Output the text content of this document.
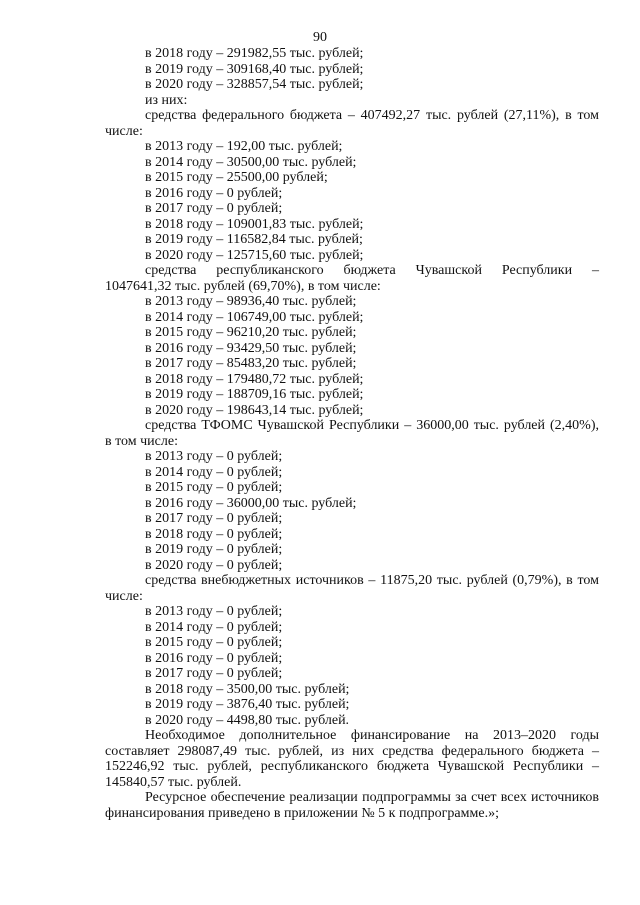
90
в 2018 году – 291982,55 тыс. рублей;
в 2019 году – 309168,40 тыс. рублей;
в 2020 году – 328857,54 тыс. рублей;
из них:
средства федерального бюджета – 407492,27 тыс. рублей (27,11%), в том
числе:
в 2013 году – 192,00 тыс. рублей;
в 2014 году – 30500,00 тыс. рублей;
в 2015 году – 25500,00 рублей;
в 2016 году – 0 рублей;
в 2017 году – 0 рублей;
в 2018 году – 109001,83 тыс. рублей;
в 2019 году – 116582,84 тыс. рублей;
в 2020 году – 125715,60 тыс. рублей;
средства республиканского бюджета Чувашской Республики –
1047641,32 тыс. рублей (69,70%), в том числе:
в 2013 году – 98936,40 тыс. рублей;
в 2014 году – 106749,00 тыс. рублей;
в 2015 году – 96210,20 тыс. рублей;
в 2016 году – 93429,50 тыс. рублей;
в 2017 году – 85483,20 тыс. рублей;
в 2018 году – 179480,72 тыс. рублей;
в 2019 году – 188709,16 тыс. рублей;
в 2020 году – 198643,14 тыс. рублей;
средства ТФОМС Чувашской Республики – 36000,00 тыс. рублей (2,40%),
в том числе:
в 2013 году – 0 рублей;
в 2014 году – 0 рублей;
в 2015 году – 0 рублей;
в 2016 году – 36000,00 тыс. рублей;
в 2017 году – 0 рублей;
в 2018 году – 0 рублей;
в 2019 году – 0 рублей;
в 2020 году – 0 рублей;
средства внебюджетных источников – 11875,20 тыс. рублей (0,79%), в том
числе:
в 2013 году – 0 рублей;
в 2014 году – 0 рублей;
в 2015 году – 0 рублей;
в 2016 году – 0 рублей;
в 2017 году – 0 рублей;
в 2018 году – 3500,00 тыс. рублей;
в 2019 году – 3876,40 тыс. рублей;
в 2020 году – 4498,80 тыс. рублей.
Необходимое дополнительное финансирование на 2013–2020 годы составляет 298087,49 тыс. рублей, из них средства федерального бюджета – 152246,92 тыс. рублей, республиканского бюджета Чувашской Республики – 145840,57 тыс. рублей.
Ресурсное обеспечение реализации подпрограммы за счет всех источников финансирования приведено в приложении № 5 к подпрограмме.»;
